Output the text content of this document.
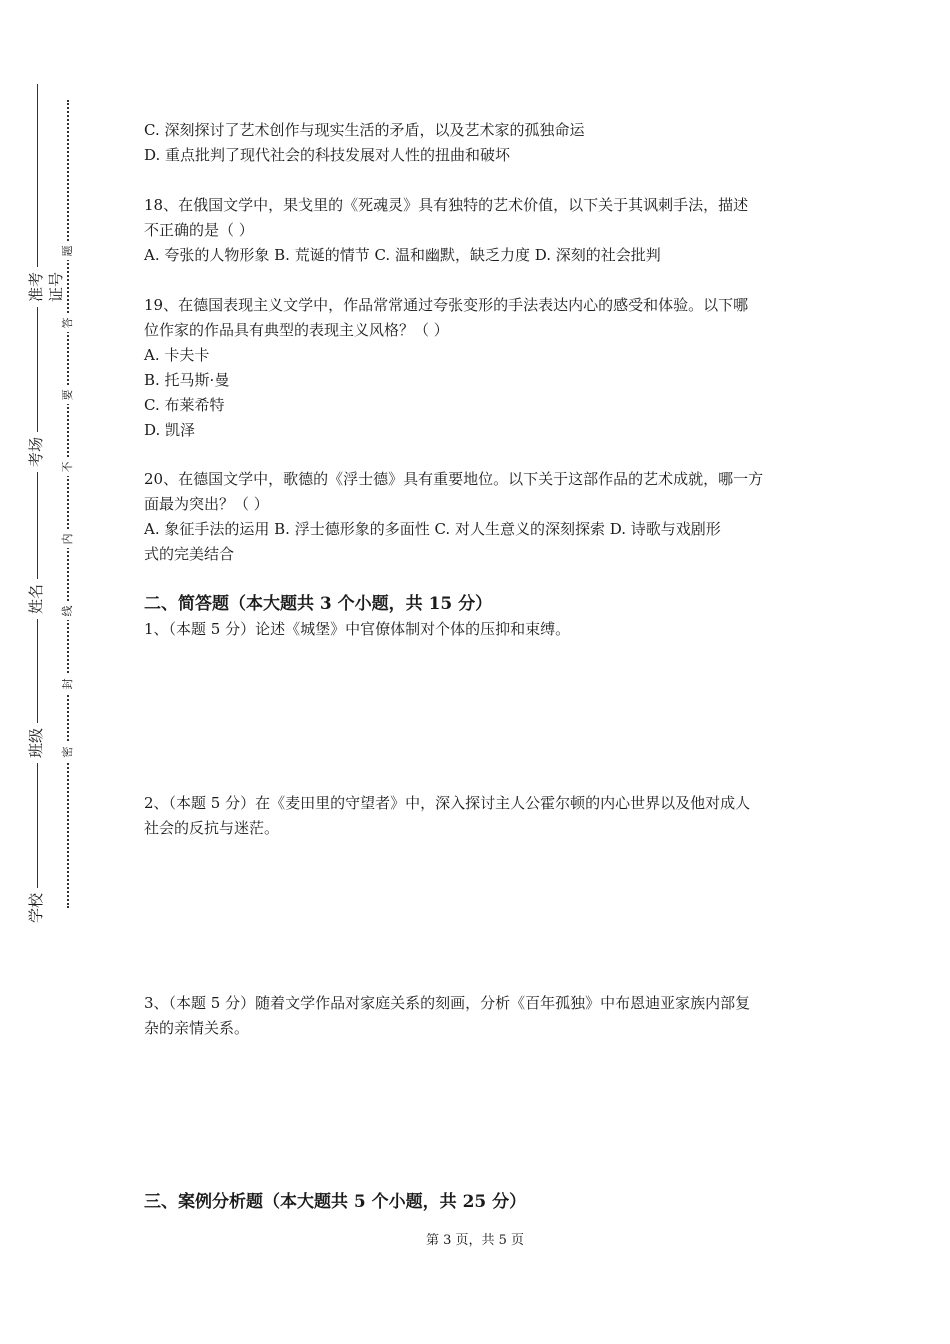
准考证号
考场
姓名
班级
学校
密
封
线
内
不
要
答
题
C. 深刻探讨了艺术创作与现实生活的矛盾，以及艺术家的孤独命运
D. 重点批判了现代社会的科技发展对人性的扭曲和破坏
18、在俄国文学中，果戈里的《死魂灵》具有独特的艺术价值，以下关于其讽刺手法，描述
不正确的是（ ）
A. 夸张的人物形象 B. 荒诞的情节 C. 温和幽默，缺乏力度 D. 深刻的社会批判
19、在德国表现主义文学中，作品常常通过夸张变形的手法表达内心的感受和体验。以下哪
位作家的作品具有典型的表现主义风格？（ ）
A. 卡夫卡
B. 托马斯·曼
C. 布莱希特
D. 凯泽
20、在德国文学中，歌德的《浮士德》具有重要地位。以下关于这部作品的艺术成就，哪一方
面最为突出？（ ）
A. 象征手法的运用 B. 浮士德形象的多面性 C. 对人生意义的深刻探索 D. 诗歌与戏剧形
式的完美结合
二、简答题（本大题共 3 个小题，共 15 分）
1、（本题 5 分）论述《城堡》中官僚体制对个体的压抑和束缚。
2、（本题 5 分）在《麦田里的守望者》中，深入探讨主人公霍尔顿的内心世界以及他对成人
社会的反抗与迷茫。
3、（本题 5 分）随着文学作品对家庭关系的刻画，分析《百年孤独》中布恩迪亚家族内部复
杂的亲情关系。
三、案例分析题（本大题共 5 个小题，共 25 分）
第 3 页，共 5 页
